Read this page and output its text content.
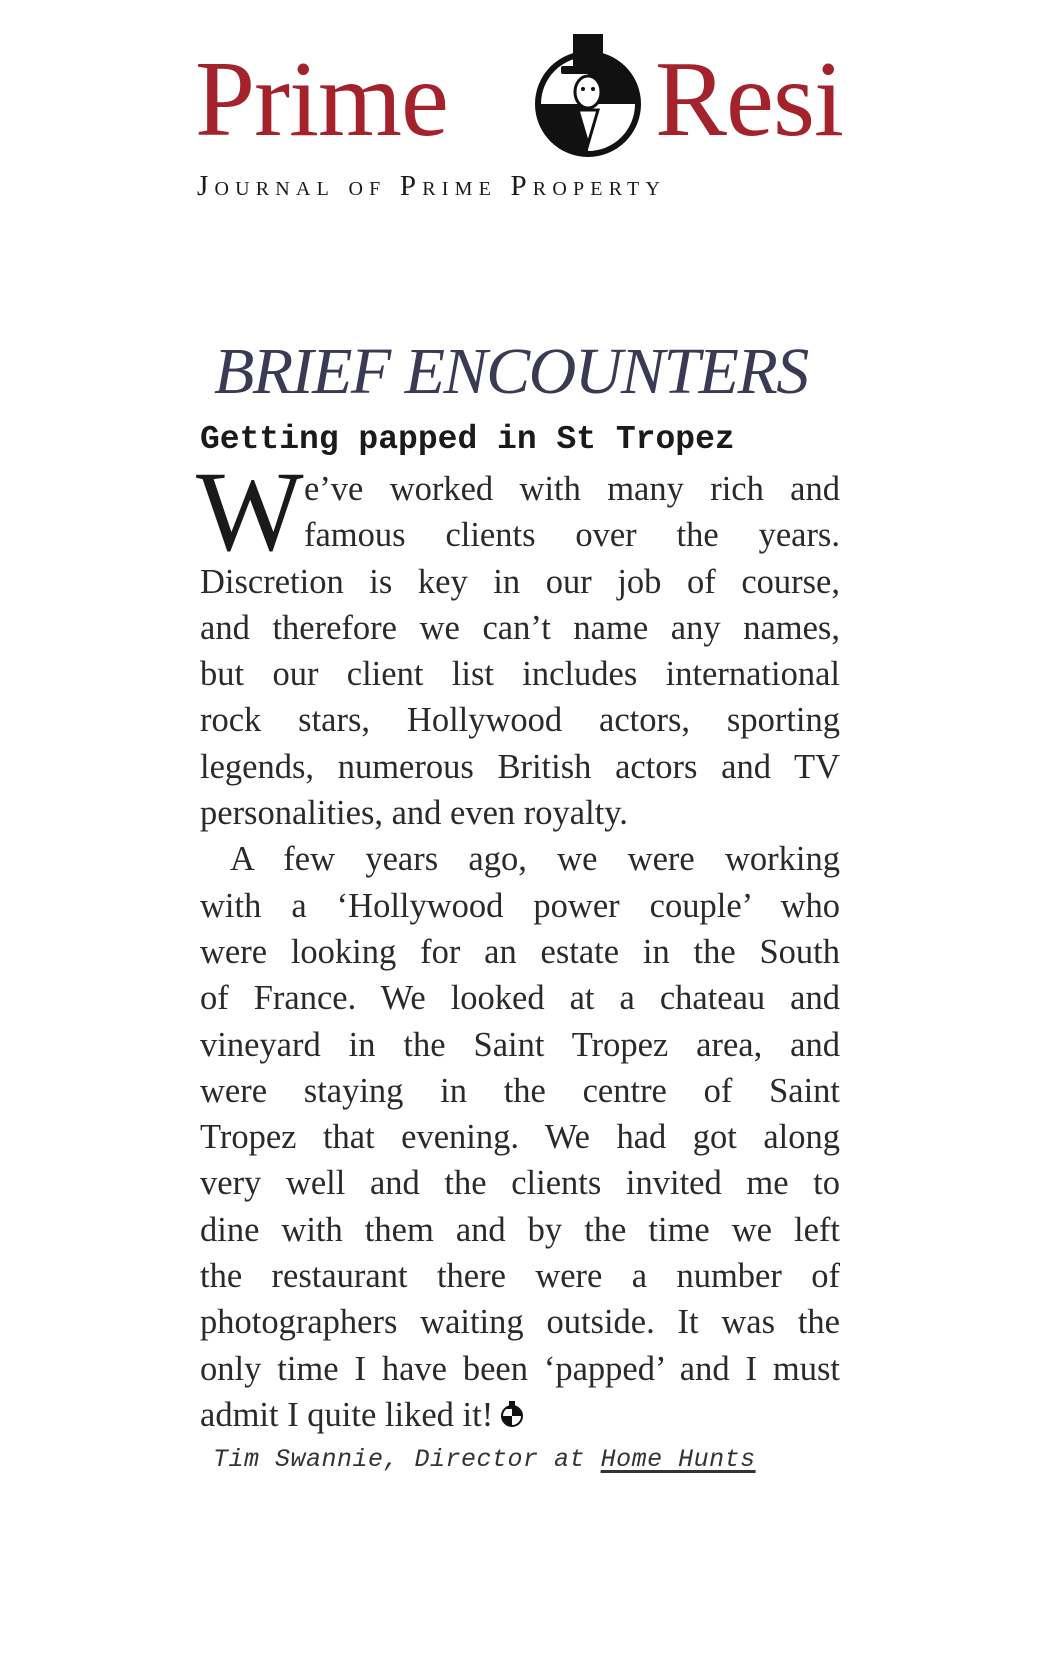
Prime Resi
Journal of Prime Property
BRIEF ENCOUNTERS
Getting papped in St Tropez
W e’ve worked with many rich and
famous clients over the years.
Discretion is key in our job of course,
and therefore we can’t name any names,
but our client list includes international
rock stars, Hollywood actors, sporting
legends, numerous British actors and TV
personalities, and even royalty.
A few years ago, we were working
with a ‘Hollywood power couple’ who
were looking for an estate in the South
of France. We looked at a chateau and
vineyard in the Saint Tropez area, and
were staying in the centre of Saint
Tropez that evening. We had got along
very well and the clients invited me to
dine with them and by the time we left
the restaurant there were a number of
photographers waiting outside. It was the
only time I have been ‘papped’ and I must
admit I quite liked it!
Tim Swannie, Director at Home Hunts
